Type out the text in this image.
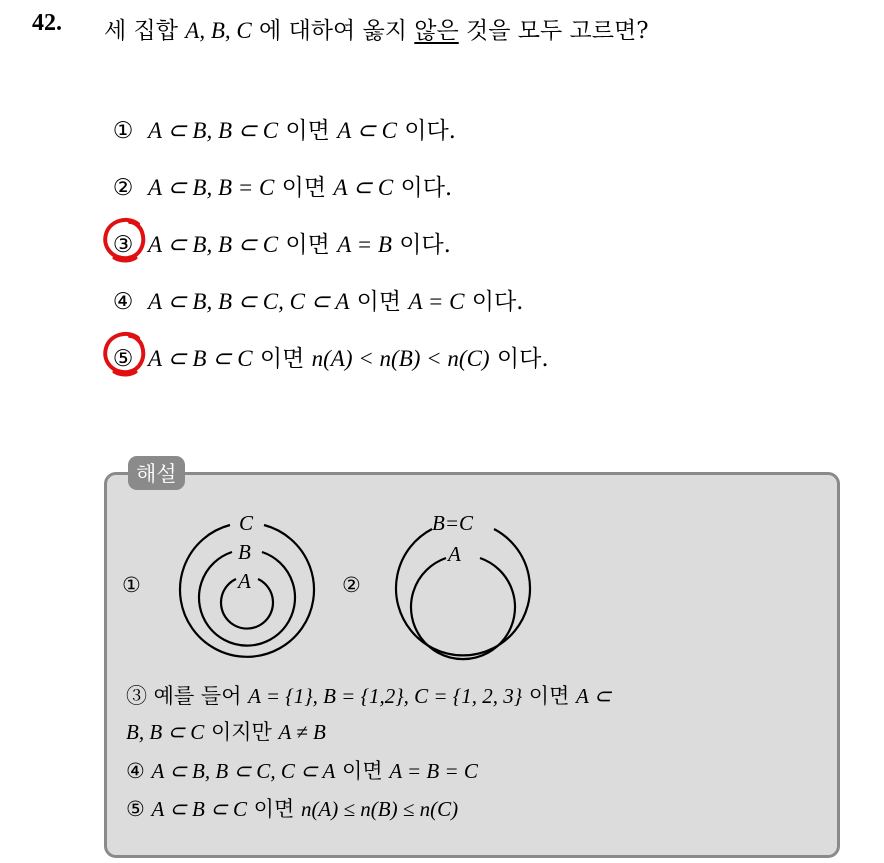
42. 세 집합 A, B, C 에 대하여 옳지 않은 것을 모두 고르면?
① A ⊂ B, B ⊂ C 이면 A ⊂ C 이다.
② A ⊂ B, B = C 이면 A ⊂ C 이다.
③ A ⊂ B, B ⊂ C 이면 A = B 이다.
④ A ⊂ B, B ⊂ C, C ⊂ A 이면 A = C 이다.
⑤ A ⊂ B ⊂ C 이면 n(A) < n(B) < n(C) 이다.
해설
①
C
B
A	②
B=C
A
③ 예를 들어 A = {1}, B = {1,2}, C = {1, 2, 3} 이면 A ⊂
B, B ⊂ C 이지만 A ≠ B
④ A ⊂ B, B ⊂ C, C ⊂ A 이면 A = B = C
⑤ A ⊂ B ⊂ C 이면 n(A) ≤ n(B) ≤ n(C)
